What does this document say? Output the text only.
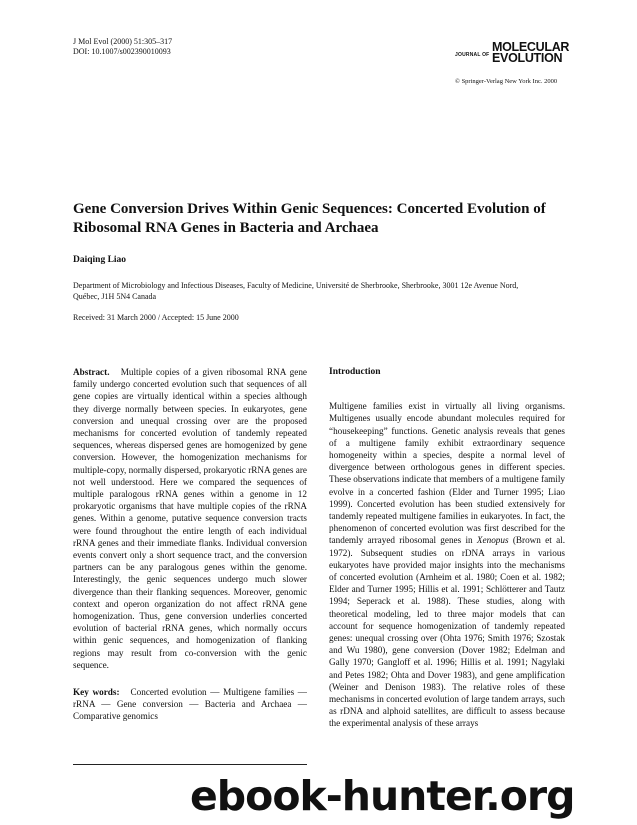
J Mol Evol (2000) 51:305–317
DOI: 10.1007/s002390010093	JOURNAL OF
MOLECULAR
EVOLUTION
© Springer-Verlag New York Inc. 2000
Gene Conversion Drives Within Genic Sequences: Concerted Evolution of Ribosomal RNA Genes in Bacteria and Archaea
Daiqing Liao
Department of Microbiology and Infectious Diseases, Faculty of Medicine, Université de Sherbrooke, Sherbrooke, 3001 12e Avenue Nord,
Québec, J1H 5N4 Canada
Received: 31 March 2000 / Accepted: 15 June 2000

Abstract. Multiple copies of a given ribosomal RNA gene family undergo concerted evolution such that sequences of all gene copies are virtually identical within a species although they diverge normally between species. In eukaryotes, gene conversion and unequal crossing over are the proposed mechanisms for concerted evolution of tandemly repeated sequences, whereas dispersed genes are homogenized by gene conversion. However, the homogenization mechanisms for multiple-copy, normally dispersed, prokaryotic rRNA genes are not well understood. Here we compared the sequences of multiple paralogous rRNA genes within a genome in 12 prokaryotic organisms that have multiple copies of the rRNA genes. Within a genome, putative sequence conversion tracts were found throughout the entire length of each individual rRNA genes and their immediate flanks. Individual conversion events convert only a short sequence tract, and the conversion partners can be any paralogous genes within the genome. Interestingly, the genic sequences undergo much slower divergence than their flanking sequences. Moreover, genomic context and operon organization do not affect rRNA gene homogenization. Thus, gene conversion underlies concerted evolution of bacterial rRNA genes, which normally occurs within genic sequences, and homogenization of flanking regions may result from co-conversion with the genic sequence.

Key words: Concerted evolution — Multigene families — rRNA — Gene conversion — Bacteria and Archaea — Comparative genomics

Introduction

Multigene families exist in virtually all living organisms. Multigenes usually encode abundant molecules required for “housekeeping” functions. Genetic analysis reveals that genes of a multigene family exhibit extraordinary sequence homogeneity within a species, despite a normal level of divergence between orthologous genes in different species. These observations indicate that members of a multigene family evolve in a concerted fashion (Elder and Turner 1995; Liao 1999). Concerted evolution has been studied extensively for tandemly repeated multigene families in eukaryotes. In fact, the phenomenon of concerted evolution was first described for the tandemly arrayed ribosomal genes in Xenopus (Brown et al. 1972). Subsequent studies on rDNA arrays in various eukaryotes have provided major insights into the mechanisms of concerted evolution (Arnheim et al. 1980; Coen et al. 1982; Elder and Turner 1995; Hillis et al. 1991; Schlötterer and Tautz 1994; Seperack et al. 1988). These studies, along with theoretical modeling, led to three major models that can account for sequence homogenization of tandemly repeated genes: unequal crossing over (Ohta 1976; Smith 1976; Szostak and Wu 1980), gene conversion (Dover 1982; Edelman and Gally 1970; Gangloff et al. 1996; Hillis et al. 1991; Nagylaki and Petes 1982; Ohta and Dover 1983), and gene amplification (Weiner and Denison 1983). The relative roles of these mechanisms in concerted evolution of large tandem arrays, such as rDNA and alphoid satellites, are difficult to assess because the experimental analysis of these arrays

ebook-hunter.org
